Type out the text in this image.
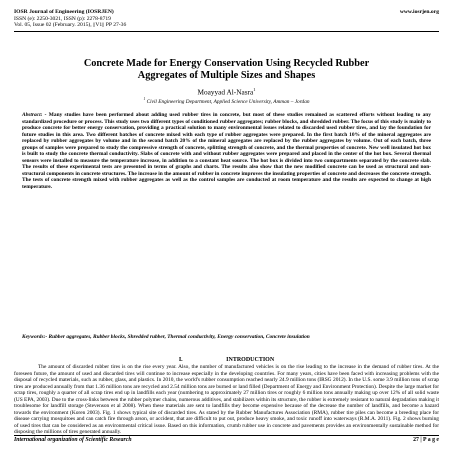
IOSR Journal of Engineering (IOSRJEN)
ISSN (e): 2250-3021, ISSN (p): 2278-8719
Vol. 05, Issue 02 (February. 2015), ||V1|| PP 27-36
www.iosrjen.org
Concrete Made for Energy Conservation Using Recycled Rubber
Aggregates of Multiple Sizes and Shapes
Moayyad Al-Nasra$^1$
$^1$ Civil Engineering Department, Applied Science University, Amman – Jordan
Abstract: - Many studies have been performed about adding used rubber tires in concrete, but most of these studies remained as scattered efforts without leading to any standardized procedure or process. This study uses two different types of conditioned rubber aggregates; rubber blocks, and shredded rubber. The focus of this study is mainly to produce concrete for better energy conservation, providing a practical solution to many environmental issues related to discarded used rubber tires, and lay the foundation for future studies in this area. Two different batches of concrete mixed with each type of rubber aggregates were prepared. In the first batch 10% of the mineral aggregates are replaced by rubber aggregates by volume and in the second batch 20% of the mineral aggregates are replaced by the rubber aggregates by volume. Out of each batch, three groups of samples were prepared to study the compressive strength of concrete, splitting strength of concrete, and the thermal properties of concrete. New well insulated hot box is built to study the concrete thermal conductivity. Slabs of concrete with and without rubber aggregates were prepared and placed in the center of the hot box. Several thermal sensors were installed to measure the temperature increase, in addition to a constant heat source. The hot box is divided into two compartments separated by the concrete slab. The results of these experimental tests are presented in terms of graphs and charts. The results also show that the new modified concrete can be used as structural and non-structural components in concrete structures. The increase in the amount of rubber in concrete improves the insulating properties of concrete and decreases the concrete strength. The tests of concrete strength mixed with rubber aggregates as well as the control samples are conducted at room temperature and the results are expected to change at high temperature.
Keywords:- Rubber aggregates, Rubber blocks, Shredded rubber, Thermal conductivity, Energy conservation, Concrete insulation
I.	INTRODUCTION
The amount of discarded rubber tires is on the rise every year. Also, the number of manufactured vehicles is on the rise leading to the increase in the demand of rubber tires. At the foreseen future, the amount of used and discarded tires will continue to increase especially in the developing countries. For many years, cities have been faced with increasing problems with the disposal of recycled materials, such as rubber, glass, and plastics. In 2010, the world's rubber consumption reached nearly 24.9 million tons (IRSG 2012). In the U.S. some 3.9 million tons of scrap tires are produced annually from that 1.36 million tons are recycled and 2.54 million tons are burned or land filled (Department of Energy and Environment Protection). Despite the large market for scrap tires, roughly a quarter of all scrap tires end up in landfills each year (numbering to approximately 27 million tires or roughly 6 million tons annually making up over 12% of all solid waste (US EPA, 2003). Due to the cross-links between the rubber polymer chains, numerous additives, and stabilizers within its structure, the rubber is extremely resistant to natural degradation making it troublesome for landfill storage (Stevenson et al 2008). When these materials are sent to landfills they become expensive because of the decrease the number of landfills, and become a hazard towards the environment (Koren 2003). Fig. 1 shows typical site of discarded tires. As stated by the Rubber Manufactures Association (RMA), rubber tire piles can become a breeding place for disease carrying mosquitoes and can catch fire through arson, or accident, that are difficult to put out, produce heavy smoke, and toxic runoff into waterways (R.M.A. 2011). Fig. 2 shows burning of used tires that can be considered as an environmental critical issue. Based on this information, crumb rubber use in concrete and pavements provides an environmentally sustainable method for disposing the millions of tires generated annually.
International organization of Scientific Research	27 | P a g e
